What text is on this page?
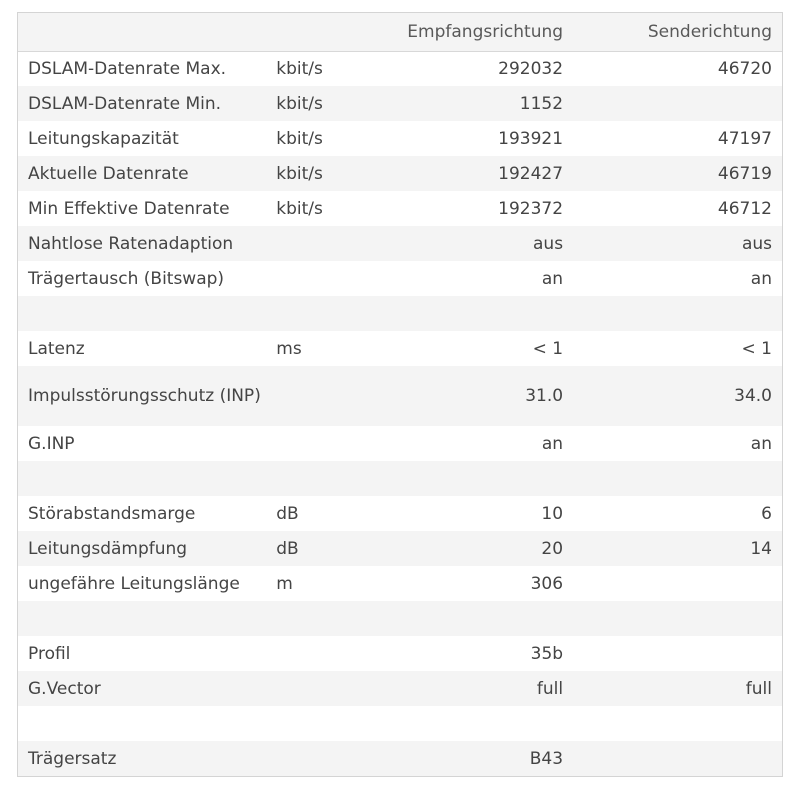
		Empfangsrichtung	Senderichtung
DSLAM-Datenrate Max.	kbit/s	292032	46720
DSLAM-Datenrate Min.	kbit/s	1152	
Leitungskapazität	kbit/s	193921	47197
Aktuelle Datenrate	kbit/s	192427	46719
Min Effektive Datenrate	kbit/s	192372	46712
Nahtlose Ratenadaption		aus	aus
Trägertausch (Bitswap)		an	an

Latenz	ms	< 1	< 1
Impulsstörungsschutz (INP)		31.0	34.0
G.INP		an	an

Störabstandsmarge	dB	10	6
Leitungsdämpfung	dB	20	14
ungefähre Leitungslänge	m	306	

Profil		35b	
G.Vector		full	full

Trägersatz		B43	
